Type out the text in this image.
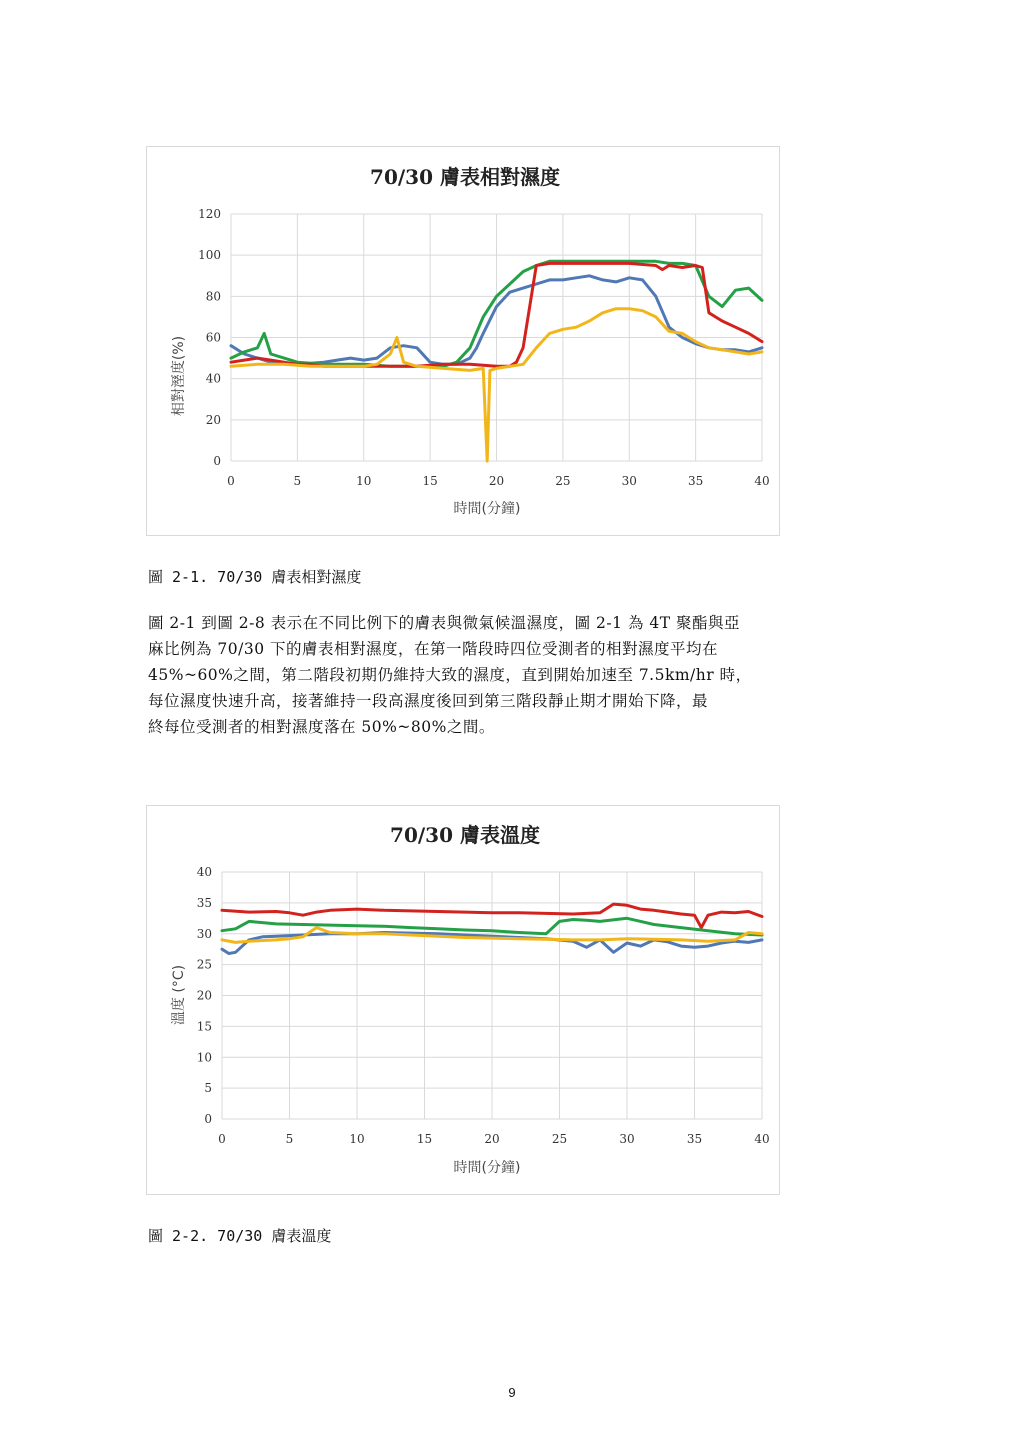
70/30 膚表相對濕度
時間(分鐘)
相對溼度(%)
0
20
40
60
80
100
120
0	5	10	15	20	25	30	35	40
圖 2-1. 70/30 膚表相對濕度
圖 2-1 到圖 2-8 表示在不同比例下的膚表與微氣候溫濕度，圖 2-1 為 4T 聚酯與亞
麻比例為 70/30 下的膚表相對濕度，在第一階段時四位受測者的相對濕度平均在
45%~60%之間，第二階段初期仍維持大致的濕度，直到開始加速至 7.5km/hr 時，
每位濕度快速升高，接著維持一段高濕度後回到第三階段靜止期才開始下降，最
終每位受測者的相對濕度落在 50%~80%之間。
70/30 膚表溫度
時間(分鐘)
溫度 (°C)
0
5
10
15
20
25
30
35
40
0	5	10	15	20	25	30	35	40
圖 2-2. 70/30 膚表溫度
9
